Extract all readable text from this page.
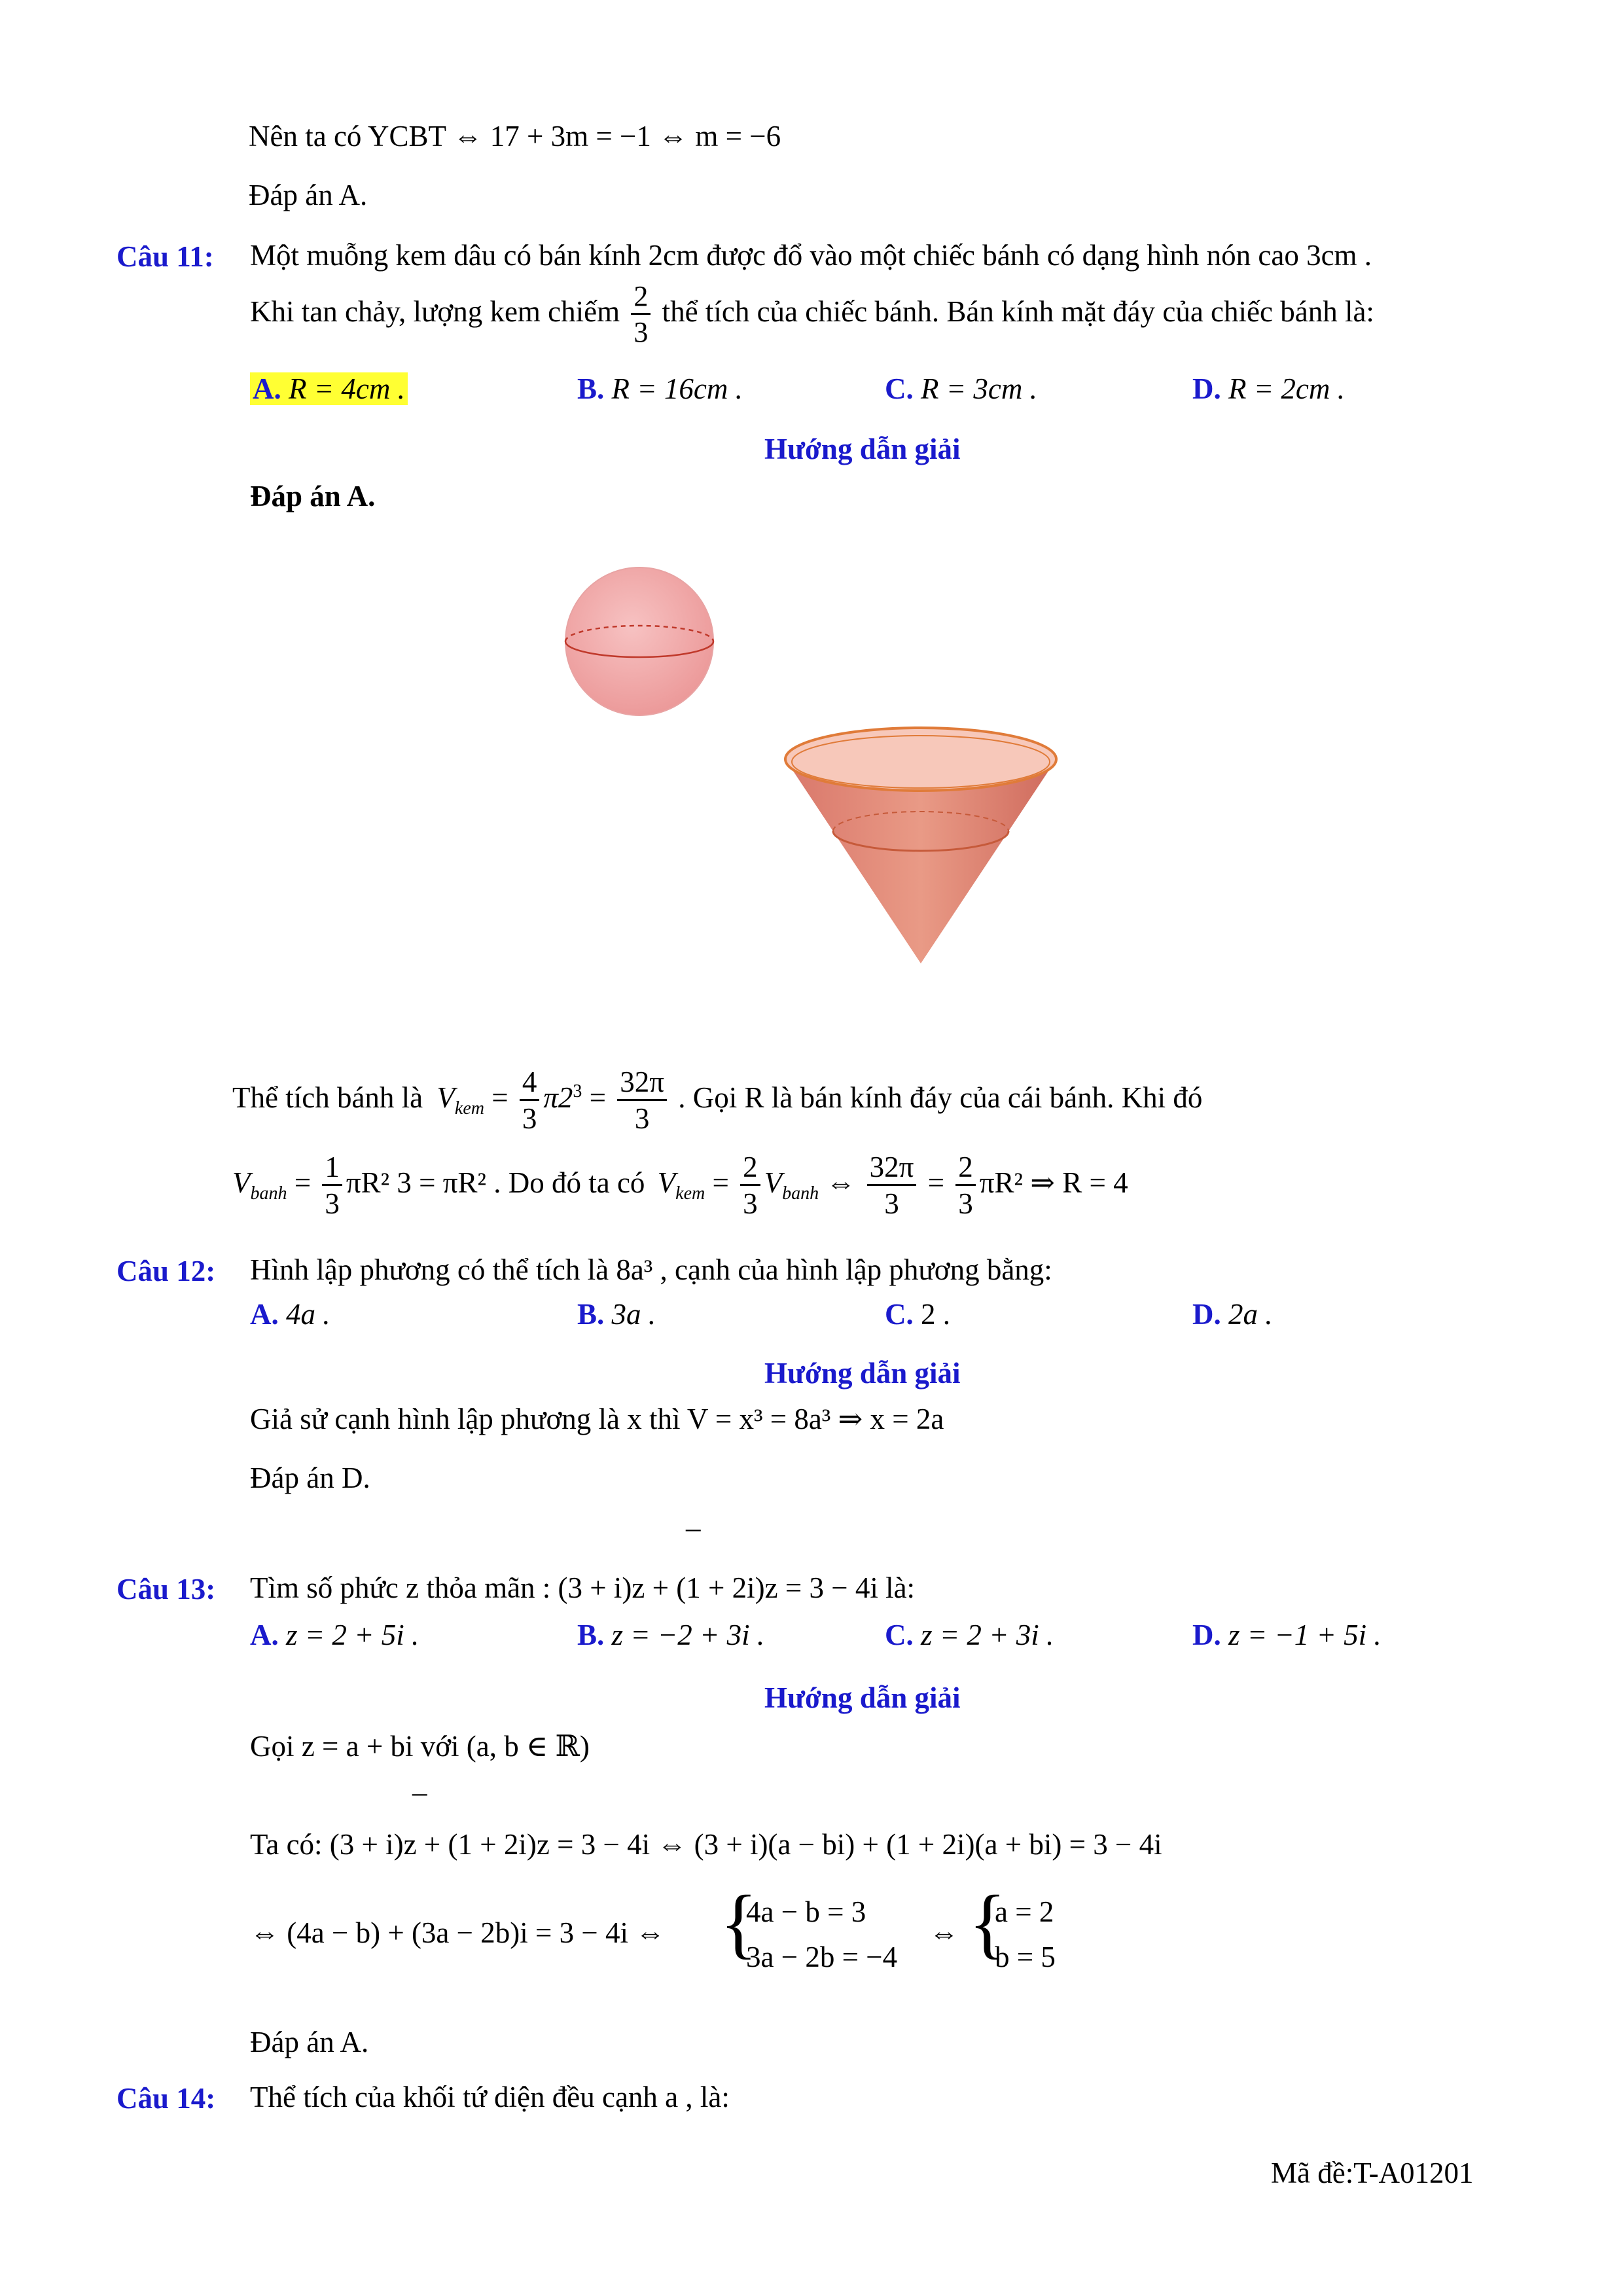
Nên ta có YCBT ⇔ 17 + 3m = −1 ⇔ m = −6
Đáp án A.
Câu 11: Một muỗng kem dâu có bán kính 2cm được đổ vào một chiếc bánh có dạng hình nón cao 3cm .
Khi tan chảy, lượng kem chiếm $\frac{2}{3}$ thể tích của chiếc bánh. Bán kính mặt đáy của chiếc bánh là:
A. R = 4cm .	B. R = 16cm .	C. R = 3cm .	D. R = 2cm .
Hướng dẫn giải
Đáp án A.
Thể tích bánh là $V_{kem} = \frac{4}{3} \pi 2^3 = \frac{32\pi}{3}$ . Gọi R là bán kính đáy của cái bánh. Khi đó
$V_{banh} = \frac{1}{3} \pi R^2$ 3 = πR² . Do đó ta có $V_{kem} = \frac{2}{3} V_{banh}$ ⇔ $\frac{32\pi}{3} = \frac{2}{3} \pi R^2$ ⇒ R = 4
Câu 12: Hình lập phương có thể tích là 8a³ , cạnh của hình lập phương bằng:
A. 4a .	B. 3a .	C. 2 .	D. 2a .
Hướng dẫn giải
Giả sử cạnh hình lập phương là x thì V = x³ = 8a³ ⇒ x = 2a
Đáp án D.
–
Câu 13: Tìm số phức z thỏa mãn : (3 + i)z + (1 + 2i)z = 3 − 4i là:
A. z = 2 + 5i .	B. z = −2 + 3i .	C. z = 2 + 3i .	D. z = −1 + 5i .
Hướng dẫn giải
Gọi z = a + bi với (a, b ∈ ℝ)
–
Ta có: (3 + i)z + (1 + 2i)z = 3 − 4i ⇔ (3 + i)(a − bi) + (1 + 2i)(a + bi) = 3 − 4i
⇔ (4a − b) + (3a − 2b)i = 3 − 4i ⇔ {
4a − b = 3
3a − 2b = −4
⇔ {
a = 2
b = 5
Đáp án A.
Câu 14: Thể tích của khối tứ diện đều cạnh a , là:
Mã đề:T-A01201
